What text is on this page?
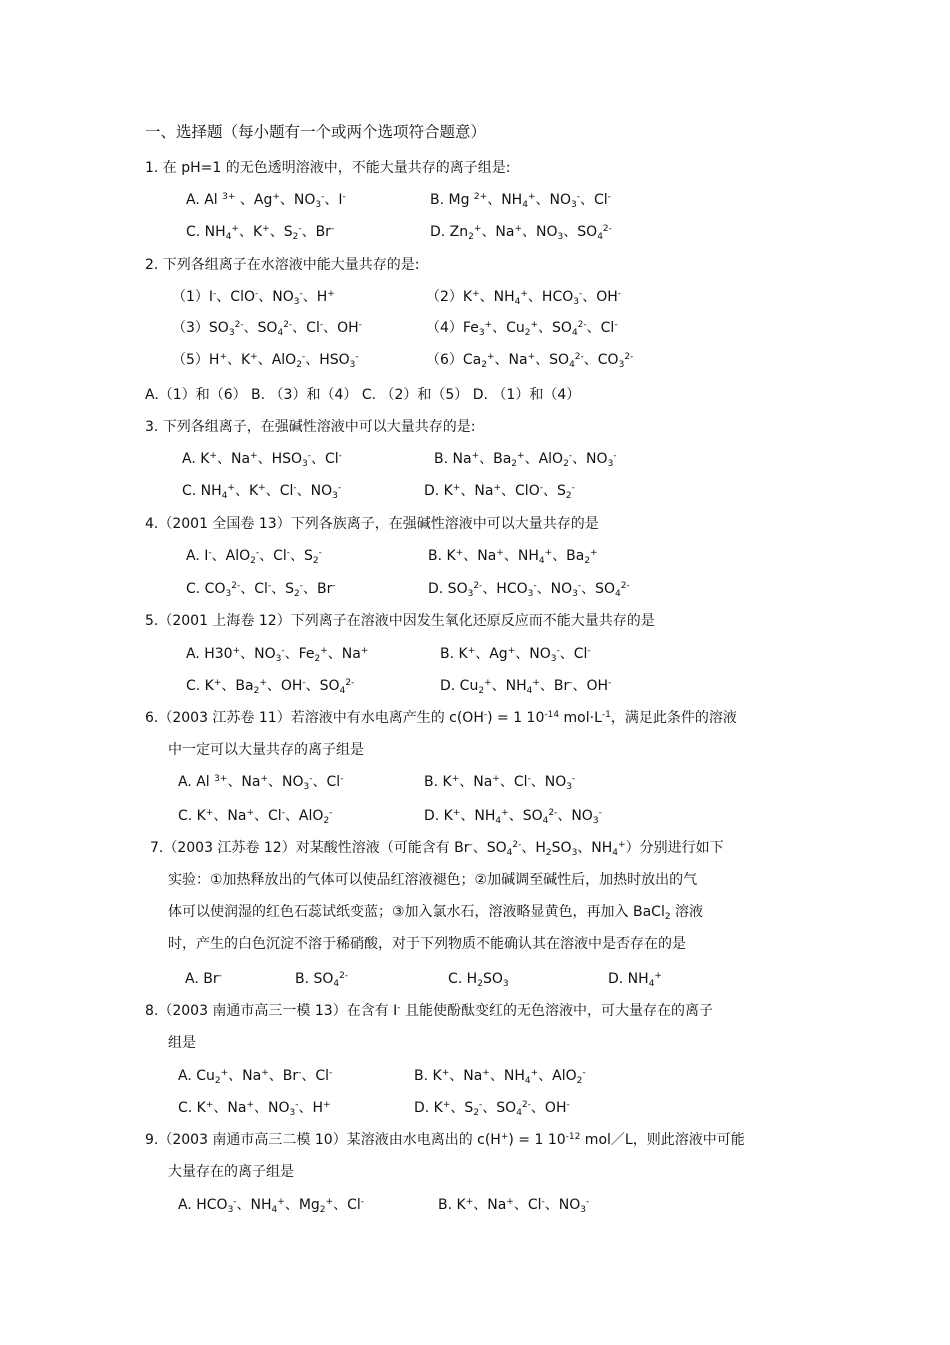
一、选择题（每小题有一个或两个选项符合题意）
1. 在 pH=1 的无色透明溶液中，不能大量共存的离子组是:
A. Al $^{3+}$ 、Ag+、$NO_3^-$、I-	B. Mg $^{2+}$、$NH_4^+$、$NO_3^-$、Cl-
C. $NH_4^+$、K+、$S_2^-$、Br-	D. $Zn_2^+$、Na+、$NO_3$、$SO_4^{2-}$
2. 下列各组离子在水溶液中能大量共存的是:
（1）I-、ClO-、$NO_3^-$、H+	（2）K+、$NH_4^+$、$HCO_3^-$、OH-
$(3)SO_3^{2-}$、$SO_4^{2-}$、Cl-、OH-	$(4)Fe_3^+$、$Cu_2^+$、$SO_4^{2-}$、Cl-
（5）H+、K+、AlO$_2$-、$HSO_3^-$	$(6)Ca_2^+$、Na+、$SO_4^{2-}$、$CO_3^{2-}$
A.（1）和（6） B. （3）和（4） C. （2）和（5） D. （1）和（4）
3. 下列各组离子，在强碱性溶液中可以大量共存的是:
A. K+、Na+、$HSO_3^-$、Cl-	B. Na+、$Ba_2^+$、AlO$_2$-、$NO_3^-$
C. $NH_4^+$、K+、Cl-、$NO_3^-$	D. K+、Na+、ClO-、$S_2^-$
4.（2001 全国卷 13）下列各族离子，在强碱性溶液中可以大量共存的是
A. I-、AlO$_2$-、Cl-、$S_2^-$	B. K+、Na+、$NH_4^+$、$Ba_2^+$
C. $CO_3^{2-}$、Cl-、$S_2^-$、Br-	D. $SO_3^{2-}$、$HCO_3^-$、$NO_3^-$、$SO_4^{2-}$
5.（2001 上海卷 12）下列离子在溶液中因发生氧化还原反应而不能大量共存的是
A. H30+、$NO_3^-$、$Fe_2^+$、Na+	B. K+、Ag+、$NO_3^-$、Cl-
C. K+、$Ba_2^+$、OH-、$SO_4^{2-}$	D. $Cu_2^+$、$NH_4^+$、Br-、OH-
6.（2003 江苏卷 11）若溶液中有水电离产生的 c(OH-) = 1 $10^{-14}$ $mol\cdot L^{-1}$，满足此条件的溶液
中一定可以大量共存的离子组是
A. Al $^{3+}$、Na+、$NO_3^-$、Cl-	B. K+、Na+、Cl-、$NO_3^-$
C. K+、Na+、Cl-、AlO$_2$-	D. K+、$NH_4^+$、$SO_4^{2-}$、$NO_3^-$
7.（2003 江苏卷 12）对某酸性溶液（可能含有 Br-、$SO_4^{2-}$、$H_2SO_3$、$NH_4^+$）分别进行如下
实验：①加热释放出的气体可以使品红溶液褪色；②加碱调至碱性后，加热时放出的气
体可以使润湿的红色石蕊试纸变蓝；③加入氯水石，溶液略显黄色，再加入 BaCl$_2$ 溶液
时，产生的白色沉淀不溶于稀硝酸，对于下列物质不能确认其在溶液中是否存在的是
A. Br-	B. $SO_4^{2-}$	C. $H_2SO_3$	D. $NH_4^+$
8.（2003 南通市高三一模 13）在含有 I- 且能使酚酞变红的无色溶液中，可大量存在的离子
组是
A. $Cu_2^+$、Na+、Br-、Cl-	B. K+、Na+、$NH_4^+$、AlO$_2$-
C. K+、Na+、$NO_3^-$、H+	D. K+、$S_2^-$、$SO_4^{2-}$、OH-
9.（2003 南通市高三二模 10）某溶液由水电离出的 c(H+) = 1 $10^{-12}$ mol／L，则此溶液中可能
大量存在的离子组是
A. $HCO_3^-$、$NH_4^+$、$Mg_2^+$、Cl-	B. K+、Na+、Cl-、$NO_3^-$
